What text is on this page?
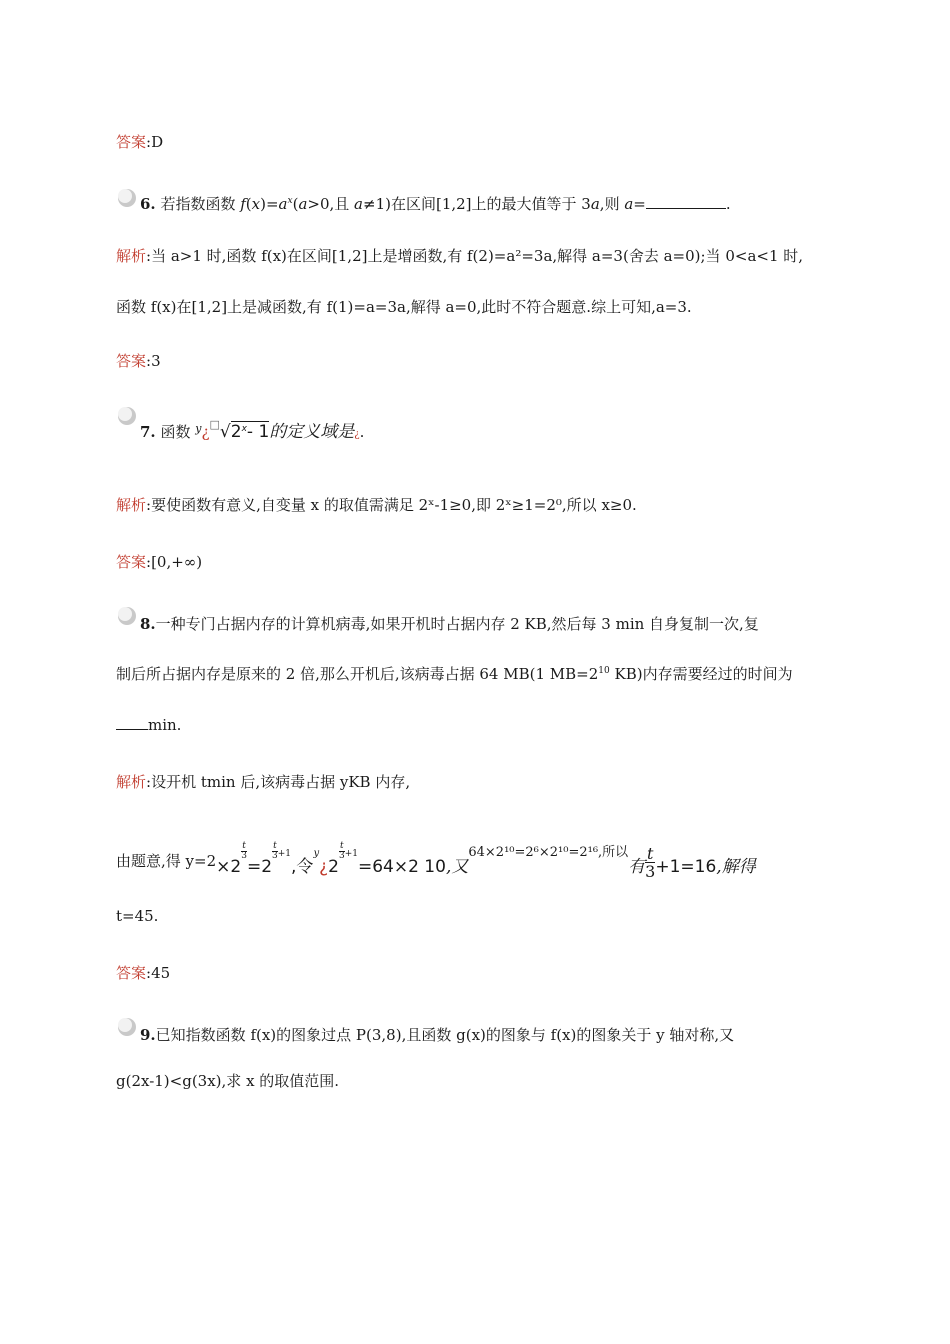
答案:D
6. 若指数函数 $f(x)=a^x(a>0$,且 a≠1)在区间[1,2]上的最大值等于 3a,则 a=	.
解析:当 a>1 时,函数 f(x)在区间[1,2]上是增函数,有 f(2)=a²=3a,解得 a=3(舍去 a=0);当 0<a<1 时,
函数 f(x)在[1,2]上是减函数,有 f(1)=a=3a,解得 a=0,此时不符合题意.综上可知,a=3.
答案:3
7. 函数 $^y$¿□√2$^x$- 1的定义域是¿.
解析:要使函数有意义,自变量 x 的取值需满足 2ˣ-1≥0,即 2ˣ≥1=2⁰,所以 x≥0.
答案:[0,+∞)
8.一种专门占据内存的计算机病毒,如果开机时占据内存 2 KB,然后每 3 min 自身复制一次,复
制后所占据内存是原来的 2 倍,那么开机后,该病毒占据 64 MB(1 $MB=2^{10}$ KB)内存需要经过的时间为
min.
解析:设开机 tmin 后,该病毒占据 yKB 内存,
由题意,得 y=2×2
$\frac{t}{3}$
=2
$\frac{t}{3} ^{+1}$,令$^y$¿2
$\frac{t}{3} ^{+1}=64\times 2$ 10,又64×2¹⁰=2⁶×2¹⁰=2¹⁶,所以有 $\frac{t}{3} +1=16$,解得
t=45.
答案:45
9.已知指数函数 f(x)的图象过点 P(3,8),且函数 g(x)的图象与 f(x)的图象关于 y 轴对称,又
g(2x-1)<g(3x),求 x 的取值范围.
